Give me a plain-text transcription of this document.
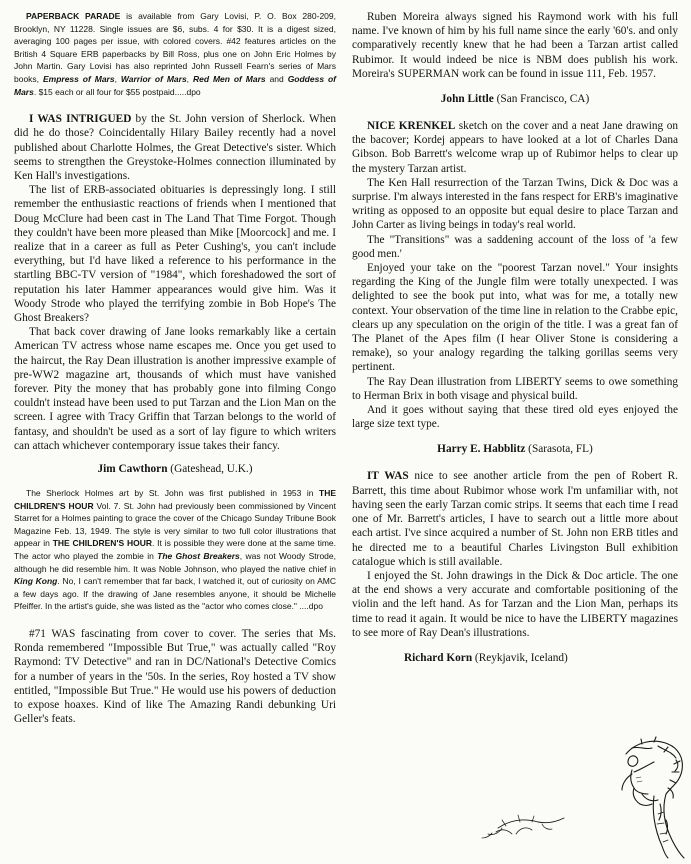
PAPERBACK PARADE is available from Gary Lovisi, P. O. Box 280-209, Brooklyn, NY 11228. Single issues are $6, subs. 4 for $30. It is a digest sized, averaging 100 pages per issue, with colored covers. #42 features articles on the British 4 Square ERB paperbacks by Bill Ross, plus one on John Eric Holmes by John Martin. Gary Lovisi has also reprinted John Russell Fearn's series of Mars books, Empress of Mars, Warrior of Mars, Red Men of Mars and Goddess of Mars. $15 each or all four for $55 postpaid.....dpo

I WAS INTRIGUED by the St. John version of Sherlock. When did he do those? Coincidentally Hilary Bailey recently had a novel published about Charlotte Holmes, the Great Detective's sister. Which seems to strengthen the Greystoke-Holmes connection illuminated by Ken Hall's investigations.

The list of ERB-associated obituaries is depressingly long. I still remember the enthusiastic reactions of friends when I mentioned that Doug McClure had been cast in The Land That Time Forgot. Though they couldn't have been more pleased than Mike [Moorcock] and me. I realize that in a career as full as Peter Cushing's, you can't include everything, but I'd have liked a reference to his performance in the startling BBC-TV version of "1984", which foreshadowed the sort of reputation his later Hammer appearances would give him. Was it Woody Strode who played the terrifying zombie in Bob Hope's The Ghost Breakers?

That back cover drawing of Jane looks remarkably like a certain American TV actress whose name escapes me. Once you get used to the haircut, the Ray Dean illustration is another impressive example of pre-WW2 magazine art, thousands of which must have vanished forever. Pity the money that has probably gone into filming Congo couldn't instead have been used to put Tarzan and the Lion Man on the screen. I agree with Tracy Griffin that Tarzan belongs to the world of fantasy, and shouldn't be used as a sort of lay figure to which writers can attach whichever contemporary issue takes their fancy.

Jim Cawthorn (Gateshead, U.K.)

The Sherlock Holmes art by St. John was first published in 1953 in THE CHILDREN'S HOUR Vol. 7. St. John had previously been commissioned by Vincent Starret for a Holmes painting to grace the cover of the Chicago Sunday Tribune Book Magazine Feb. 13, 1949. The style is very similar to two full color illustrations that appear in THE CHILDREN'S HOUR. It is possible they were done at the same time. The actor who played the zombie in The Ghost Breakers, was not Woody Strode, although he did resemble him. It was Noble Johnson, who played the native chief in King Kong. No, I can't remember that far back, I watched it, out of curiosity on AMC a few days ago. If the drawing of Jane resembles anyone, it should be Michelle Pfeiffer. In the artist's guide, she was listed as the "actor who comes close." ....dpo

#71 WAS fascinating from cover to cover. The series that Ms. Ronda remembered "Impossible But True," was actually called "Roy Raymond: TV Detective" and ran in DC/National's Detective Comics for a number of years in the '50s. In the series, Roy hosted a TV show entitled, "Impossible But True." He would use his powers of deduction to expose hoaxes. Kind of like The Amazing Randi debunking Uri Geller's feats.

Ruben Moreira always signed his Raymond work with his full name. I've known of him by his full name since the early '60's. and only comparatively recently knew that he had been a Tarzan artist called Rubimor. It would indeed be nice is NBM does publish his work. Moreira's SUPERMAN work can be found in issue 111, Feb. 1957.

John Little (San Francisco, CA)

NICE KRENKEL sketch on the cover and a neat Jane drawing on the bacover; Kordej appears to have looked at a lot of Charles Dana Gibson. Bob Barrett's welcome wrap up of Rubimor helps to clear up the mystery Tarzan artist.

The Ken Hall resurrection of the Tarzan Twins, Dick & Doc was a surprise. I'm always interested in the fans respect for ERB's imaginative writing as opposed to an opposite but equal desire to place Tarzan and John Carter as living beings in today's real world.

The "Transitions" was a saddening account of the loss of 'a few good men.'

Enjoyed your take on the "poorest Tarzan novel." Your insights regarding the King of the Jungle film were totally unexpected. I was delighted to see the book put into, what was for me, a totally new context. Your observation of the time line in relation to the Crabbe epic, clears up any speculation on the origin of the title. I was a great fan of The Planet of the Apes film (I hear Oliver Stone is considering a remake), so your analogy regarding the talking gorillas seems very pertinent.

The Ray Dean illustration from LIBERTY seems to owe something to Herman Brix in both visage and physical build.

And it goes without saying that these tired old eyes enjoyed the large size text type.

Harry E. Habblitz (Sarasota, FL)

IT WAS nice to see another article from the pen of Robert R. Barrett, this time about Rubimor whose work I'm unfamiliar with, not having seen the early Tarzan comic strips. It seems that each time I read one of Mr. Barrett's articles, I have to search out a little more about each artist. I've since acquired a number of St. John non ERB titles and he directed me to a beautiful Charles Livingston Bull exhibition catalogue which is still available.

I enjoyed the St. John drawings in the Dick & Doc article. The one at the end shows a very accurate and comfortable positioning of the violin and the left hand. As for Tarzan and the Lion Man, perhaps its time to read it again. It would be nice to have the LIBERTY magazines to see more of Ray Dean's illustrations.

Richard Korn (Reykjavik, Iceland)
